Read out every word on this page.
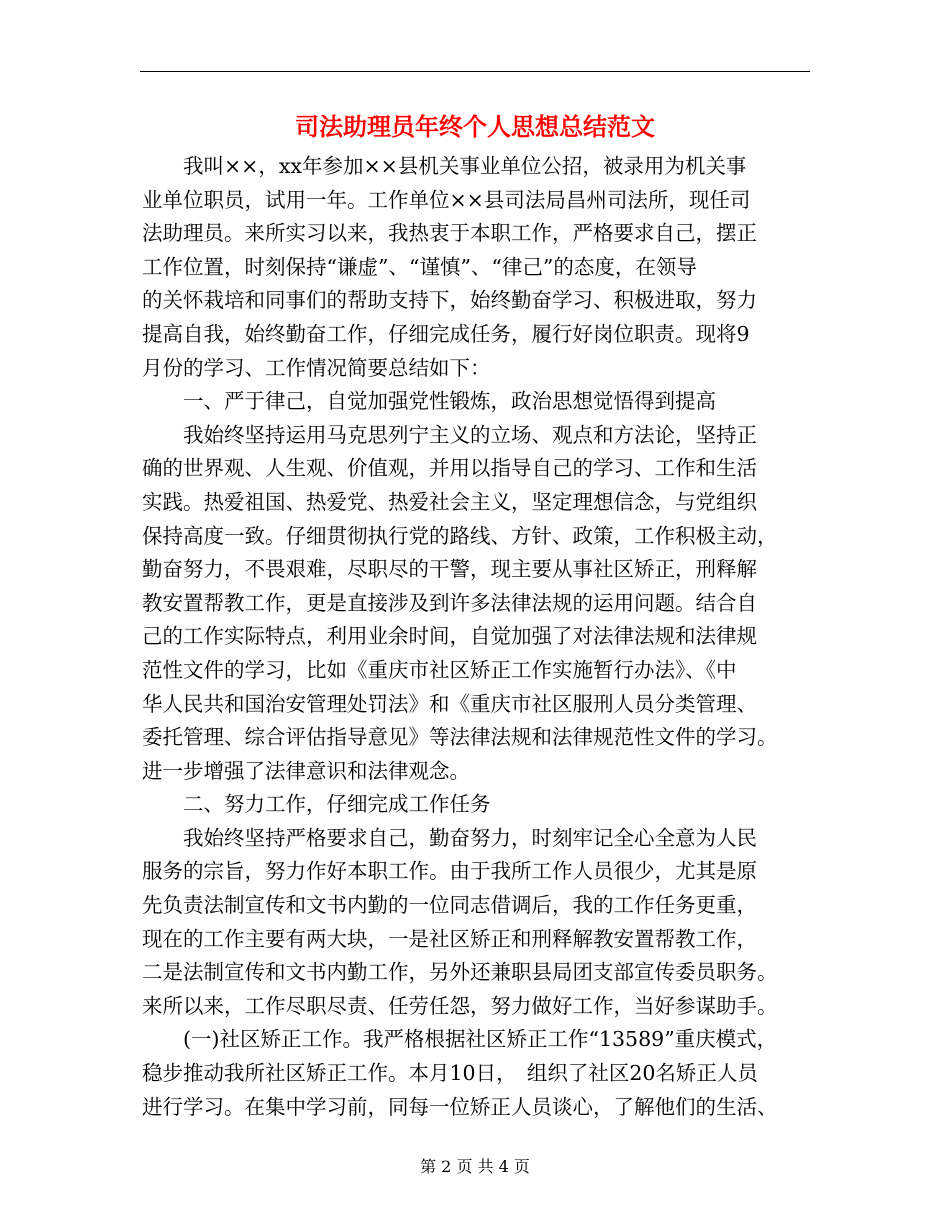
司法助理员年终个人思想总结范文
　　我叫××，xx年参加××县机关事业单位公招，被录用为机关事
业单位职员，试用一年。工作单位××县司法局昌州司法所，现任司
法助理员。来所实习以来，我热衷于本职工作，严格要求自己，摆正
工作位置，时刻保持“谦虚”、“谨慎”、“律己”的态度，在领导
的关怀栽培和同事们的帮助支持下，始终勤奋学习、积极进取，努力
提高自我，始终勤奋工作，仔细完成任务，履行好岗位职责。现将9
月份的学习、工作情况简要总结如下：
　　一、严于律己，自觉加强党性锻炼，政治思想觉悟得到提高
　　我始终坚持运用马克思列宁主义的立场、观点和方法论，坚持正
确的世界观、人生观、价值观，并用以指导自己的学习、工作和生活
实践。热爱祖国、热爱党、热爱社会主义，坚定理想信念，与党组织
保持高度一致。仔细贯彻执行党的路线、方针、政策，工作积极主动，
勤奋努力，不畏艰难，尽职尽的干警，现主要从事社区矫正，刑释解
教安置帮教工作，更是直接涉及到许多法律法规的运用问题。结合自
己的工作实际特点，利用业余时间，自觉加强了对法律法规和法律规
范性文件的学习，比如《重庆市社区矫正工作实施暂行办法》、《中
华人民共和国治安管理处罚法》和《重庆市社区服刑人员分类管理、
委托管理、综合评估指导意见》等法律法规和法律规范性文件的学习。
进一步增强了法律意识和法律观念。
　　二、努力工作，仔细完成工作任务
　　我始终坚持严格要求自己，勤奋努力，时刻牢记全心全意为人民
服务的宗旨，努力作好本职工作。由于我所工作人员很少，尤其是原
先负责法制宣传和文书内勤的一位同志借调后，我的工作任务更重，
现在的工作主要有两大块，一是社区矫正和刑释解教安置帮教工作，
二是法制宣传和文书内勤工作，另外还兼职县局团支部宣传委员职务。
来所以来，工作尽职尽责、任劳任怨，努力做好工作，当好参谋助手。
　　(一)社区矫正工作。我严格根据社区矫正工作“13589”重庆模式，
稳步推动我所社区矫正工作。本月10日，　组织了社区20名矫正人员
进行学习。在集中学习前，同每一位矫正人员谈心，了解他们的生活、
第 2 页 共 4 页
